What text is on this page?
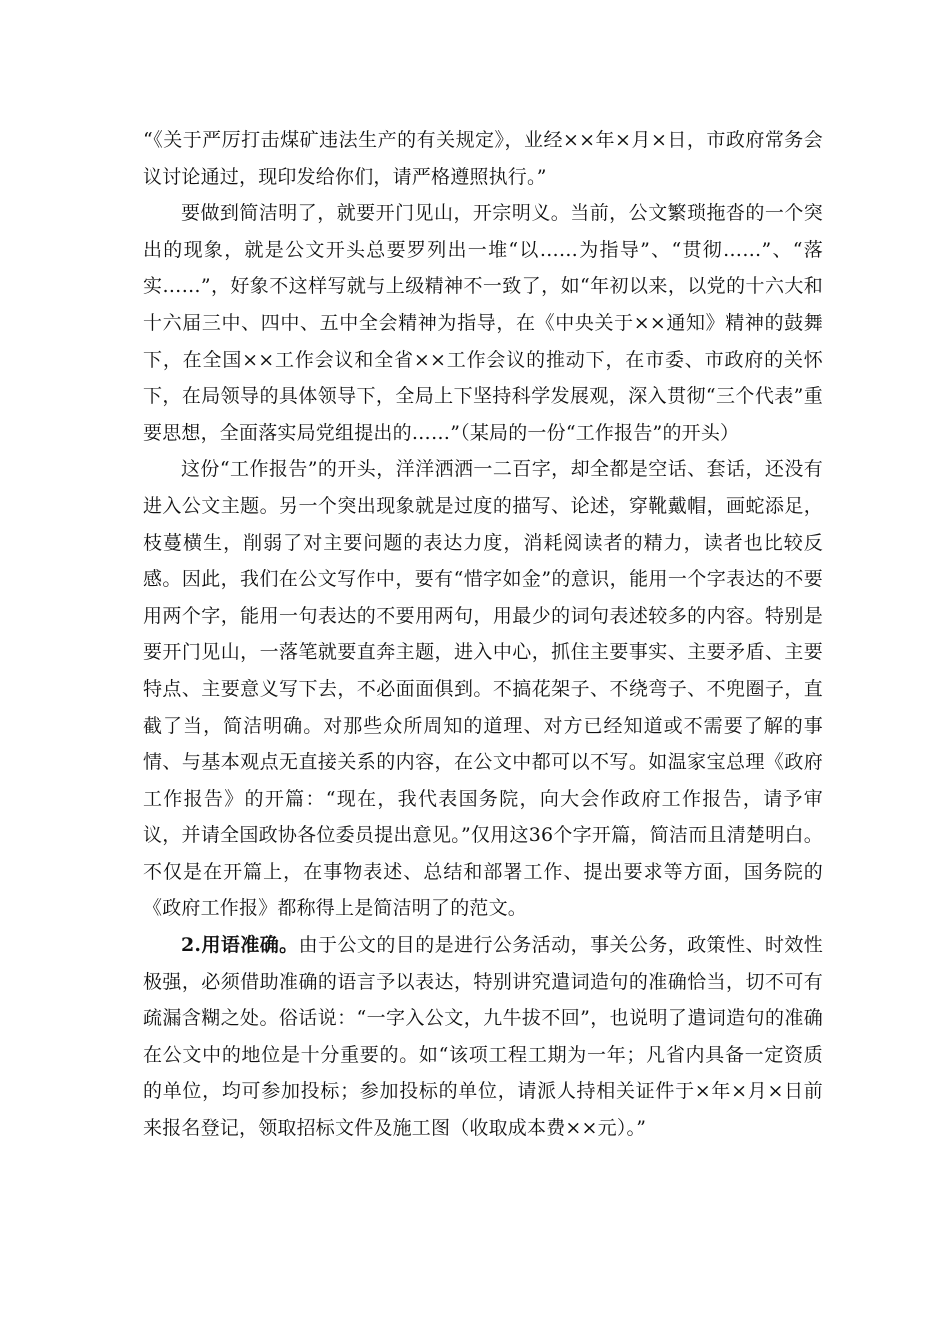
“《关于严厉打击煤矿违法生产的有关规定》，业经××年×月×日，市政府常务会议讨论通过，现印发给你们，请严格遵照执行。”

要做到简洁明了，就要开门见山，开宗明义。当前，公文繁琐拖沓的一个突出的现象，就是公文开头总要罗列出一堆“以……为指导”、“贯彻……”、“落实……”，好象不这样写就与上级精神不一致了，如“年初以来，以党的十六大和十六届三中、四中、五中全会精神为指导，在《中央关于××通知》精神的鼓舞下，在全国××工作会议和全省××工作会议的推动下，在市委、市政府的关怀下，在局领导的具体领导下，全局上下坚持科学发展观，深入贯彻“三个代表”重要思想，全面落实局党组提出的……”（某局的一份“工作报告”的开头）

这份“工作报告”的开头，洋洋洒洒一二百字，却全都是空话、套话，还没有进入公文主题。另一个突出现象就是过度的描写、论述，穿靴戴帽，画蛇添足，枝蔓横生，削弱了对主要问题的表达力度，消耗阅读者的精力，读者也比较反感。因此，我们在公文写作中，要有“惜字如金”的意识，能用一个字表达的不要用两个字，能用一句表达的不要用两句，用最少的词句表述较多的内容。特别是要开门见山，一落笔就要直奔主题，进入中心，抓住主要事实、主要矛盾、主要特点、主要意义写下去，不必面面俱到。不搞花架子、不绕弯子、不兜圈子，直截了当，简洁明确。对那些众所周知的道理、对方已经知道或不需要了解的事情、与基本观点无直接关系的内容，在公文中都可以不写。如温家宝总理《政府工作报告》的开篇：“现在，我代表国务院，向大会作政府工作报告，请予审议，并请全国政协各位委员提出意见。”仅用这36个字开篇，简洁而且清楚明白。不仅是在开篇上，在事物表述、总结和部署工作、提出要求等方面，国务院的《政府工作报》都称得上是简洁明了的范文。

2.用语准确。由于公文的目的是进行公务活动，事关公务，政策性、时效性极强，必须借助准确的语言予以表达，特别讲究遣词造句的准确恰当，切不可有疏漏含糊之处。俗话说：“一字入公文，九牛拔不回”，也说明了遣词造句的准确在公文中的地位是十分重要的。如“该项工程工期为一年；凡省内具备一定资质的单位，均可参加投标；参加投标的单位，请派人持相关证件于×年×月×日前来报名登记，领取招标文件及施工图（收取成本费××元）。”
